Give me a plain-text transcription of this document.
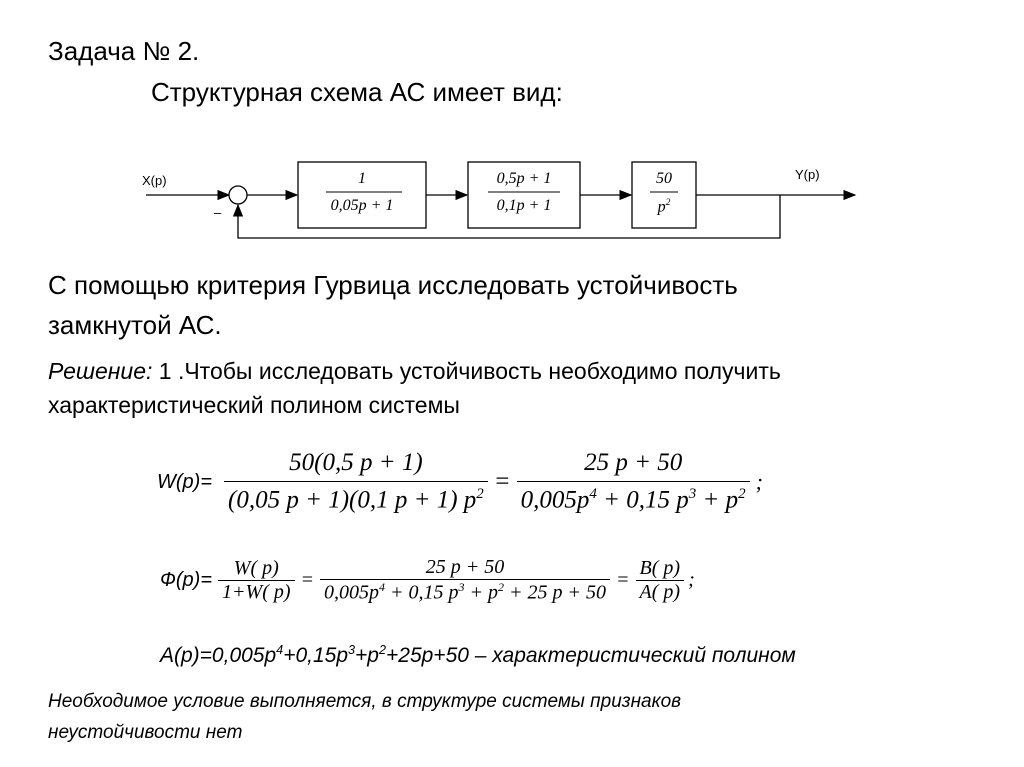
Задача № 2.
Структурная схема АС имеет вид:
X(p)	Y(p)
–
1
0,05p + 1
0,5p + 1
0,1p + 1
50
$p^2$
С помощью критерия Гурвица исследовать устойчивость
замкнутой АС.
Решение: 1 .Чтобы исследовать устойчивость необходимо получить
характеристический полином системы
$W(p)= \frac{50(0,5 p + 1)}{(0,05 p + 1)(0,1 p + 1) p^2} = \frac{25 p + 50}{0,005p^4 + 0,15 p^3 + p^2}$ ;
$Ф(p)= \frac{W( p)}{1+W( p)} = \frac{25 p + 50}{0,005p^4 + 0,15 p^3 + p^2 + 25 p + 50} = \frac{B( p)}{A( p)}$ ;
$A(p)=0,005p^4+0,15p^3+p^2+25p+50$ – характеристический полином
Необходимое условие выполняется, в структуре системы признаков
неустойчивости нет
